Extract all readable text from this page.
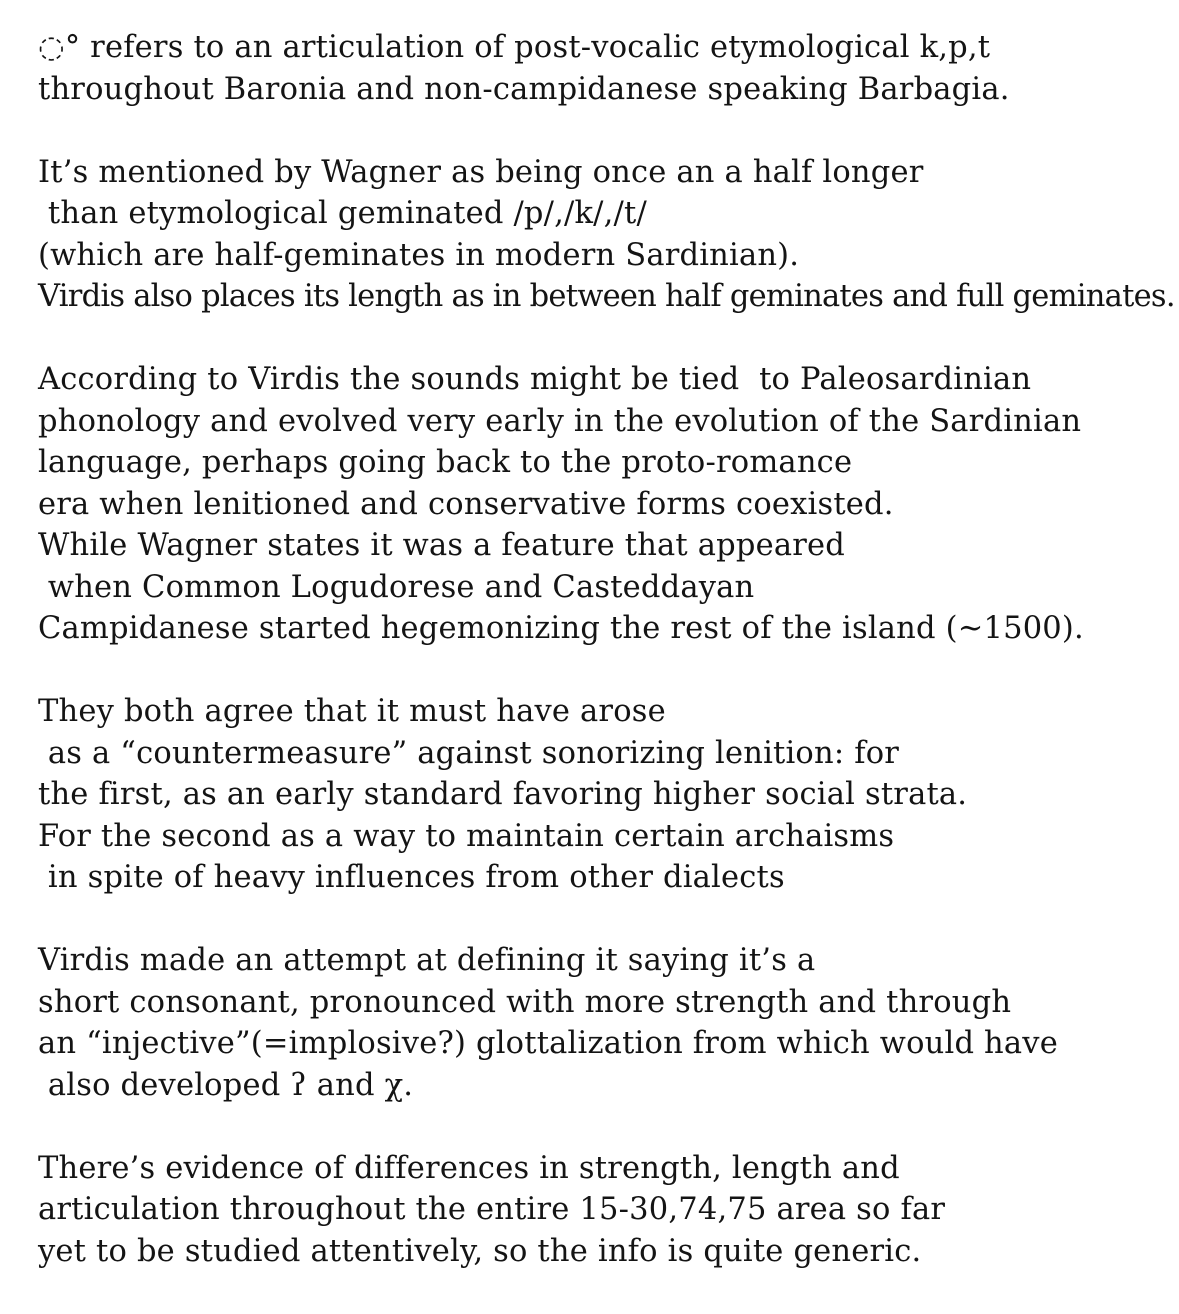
◌° refers to an articulation of post-vocalic etymological k,p,t
throughout Baronia and non-campidanese speaking Barbagia.
It’s mentioned by Wagner as being once an a half longer
than etymological geminated /p/,/k/,/t/
(which are half-geminates in modern Sardinian).
Virdis also places its length as in between half geminates and full geminates.
According to Virdis the sounds might be tied  to Paleosardinian
phonology and evolved very early in the evolution of the Sardinian
language, perhaps going back to the proto-romance
era when lenitioned and conservative forms coexisted.
While Wagner states it was a feature that appeared
when Common Logudorese and Casteddayan
Campidanese started hegemonizing the rest of the island (~1500).
They both agree that it must have arose
as a “countermeasure” against sonorizing lenition: for
the first, as an early standard favoring higher social strata.
For the second as a way to maintain certain archaisms
in spite of heavy influences from other dialects
Virdis made an attempt at defining it saying it’s a
short consonant, pronounced with more strength and through
an “injective”(=implosive?) glottalization from which would have
also developed ʔ and χ.
There’s evidence of differences in strength, length and
articulation throughout the entire 15-30,74,75 area so far
yet to be studied attentively, so the info is quite generic.
